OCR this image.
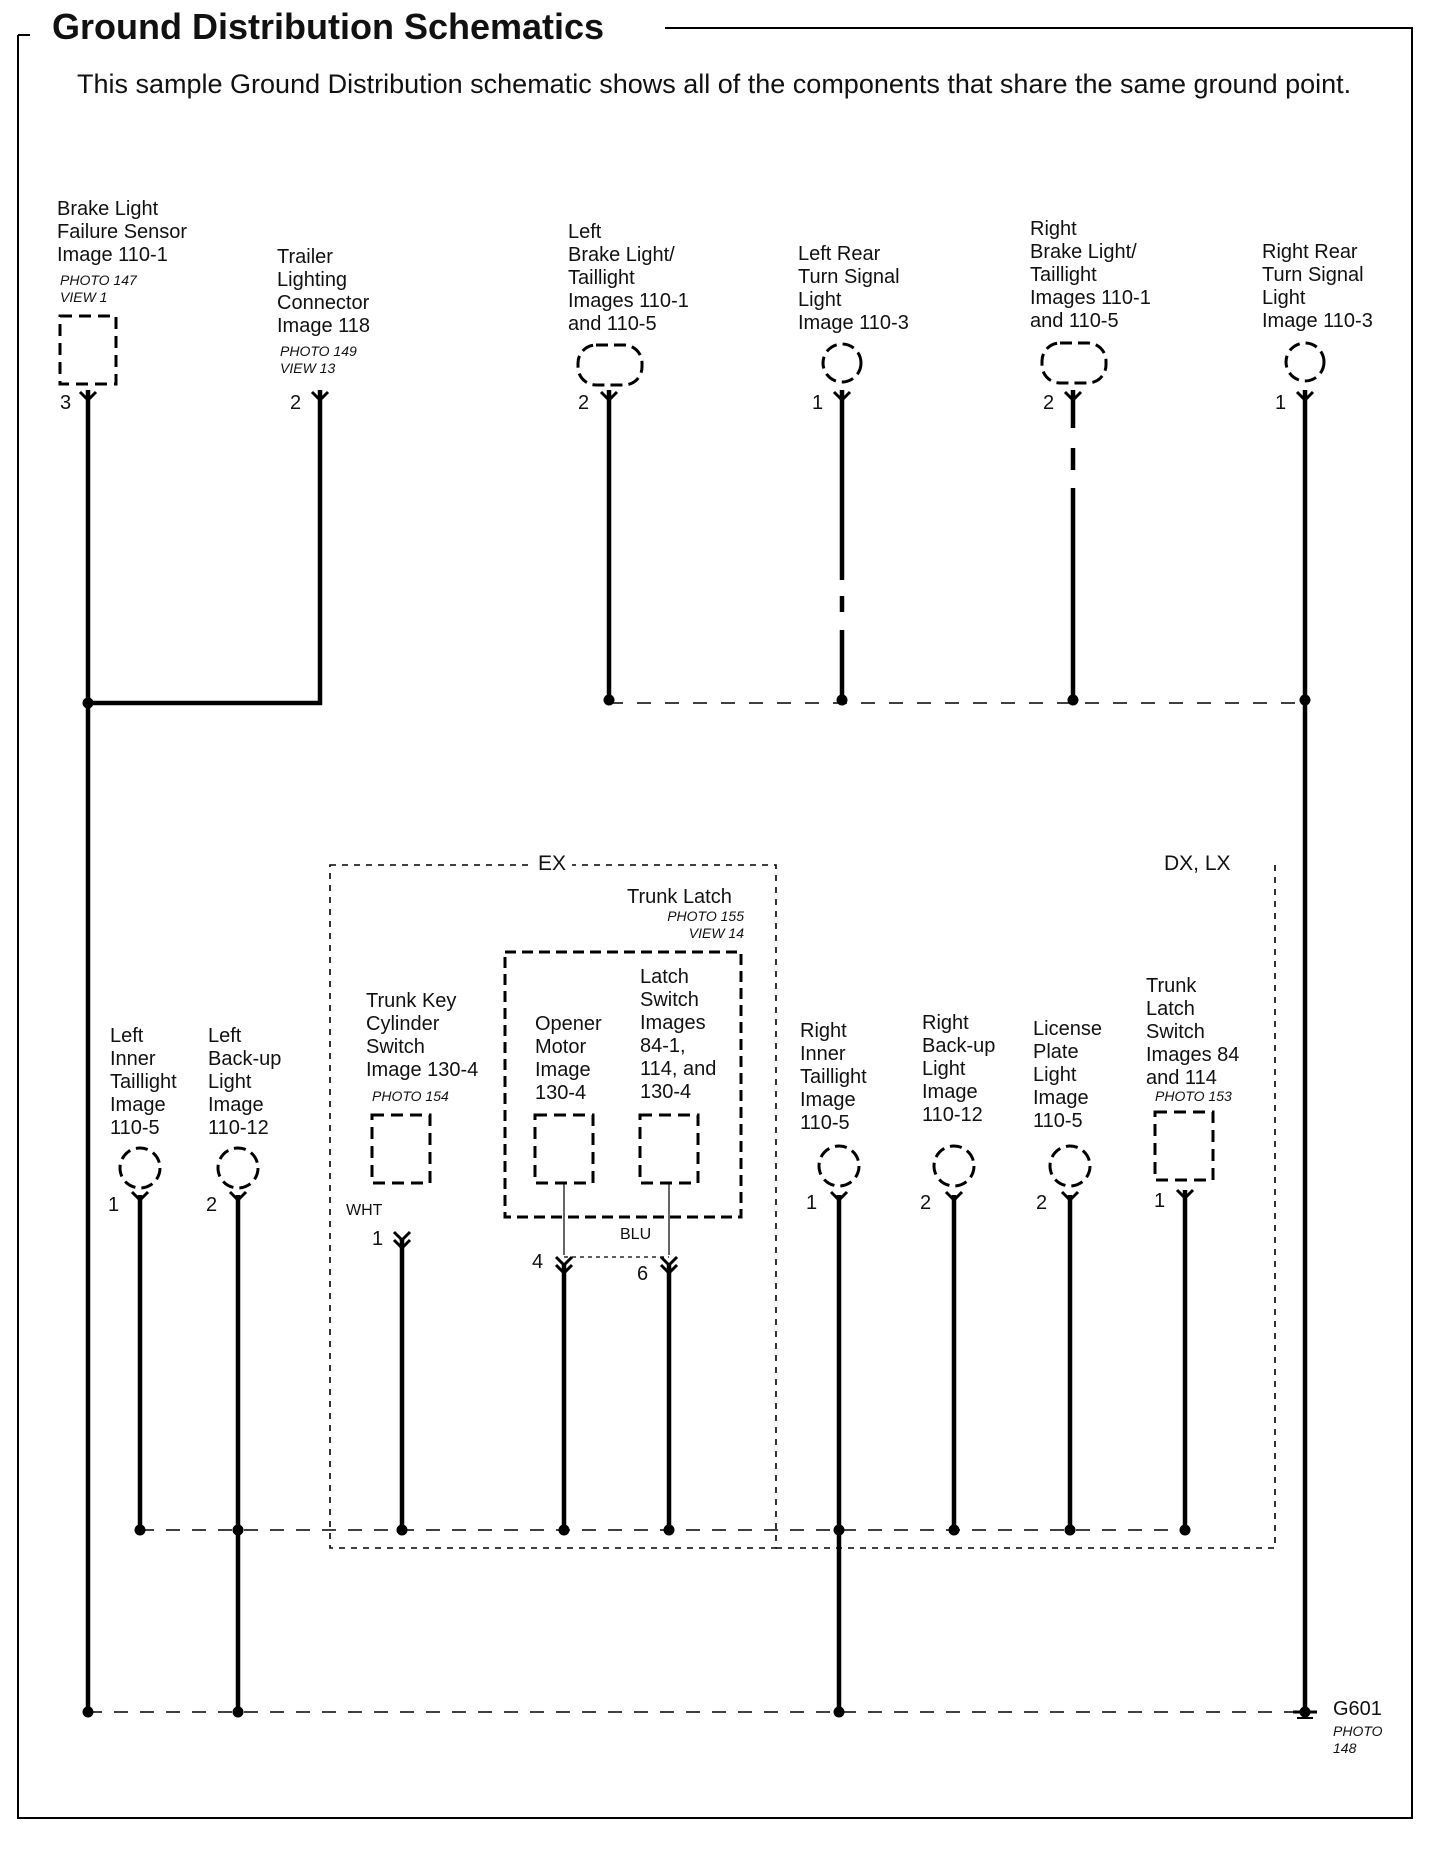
Ground Distribution Schematics
This sample Ground Distribution schematic shows all of the components that share the same ground point.
EX	DX, LX
Trunk Latch
PHOTO 155
VIEW 14
Brake Light
Failure Sensor
Image 110-1
PHOTO 147
VIEW 1
3
Trailer
Lighting
Connector
Image 118
PHOTO 149
VIEW 13
2
Left
Brake Light/
Taillight
Images 110-1
and 110-5
2
Left Rear
Turn Signal
Light
Image 110-3
1
Right
Brake Light/
Taillight
Images 110-1
and 110-5
2
Right Rear
Turn Signal
Light
Image 110-3
1
Left
Inner
Taillight
Image
110-5
1
Left
Back-up
Light
Image
110-12
2
Trunk Key
Cylinder
Switch
Image 130-4
PHOTO 154
WHT
1
Opener
Motor
Image
130-4
4
Latch
Switch
Images
84-1,
114, and
130-4
BLU
6
Right
Inner
Taillight
Image
110-5
1
Right
Back-up
Light
Image
110-12
2
License
Plate
Light
Image
110-5
2
Trunk
Latch
Switch
Images 84
and 114
PHOTO 153
1
G601
PHOTO
148
